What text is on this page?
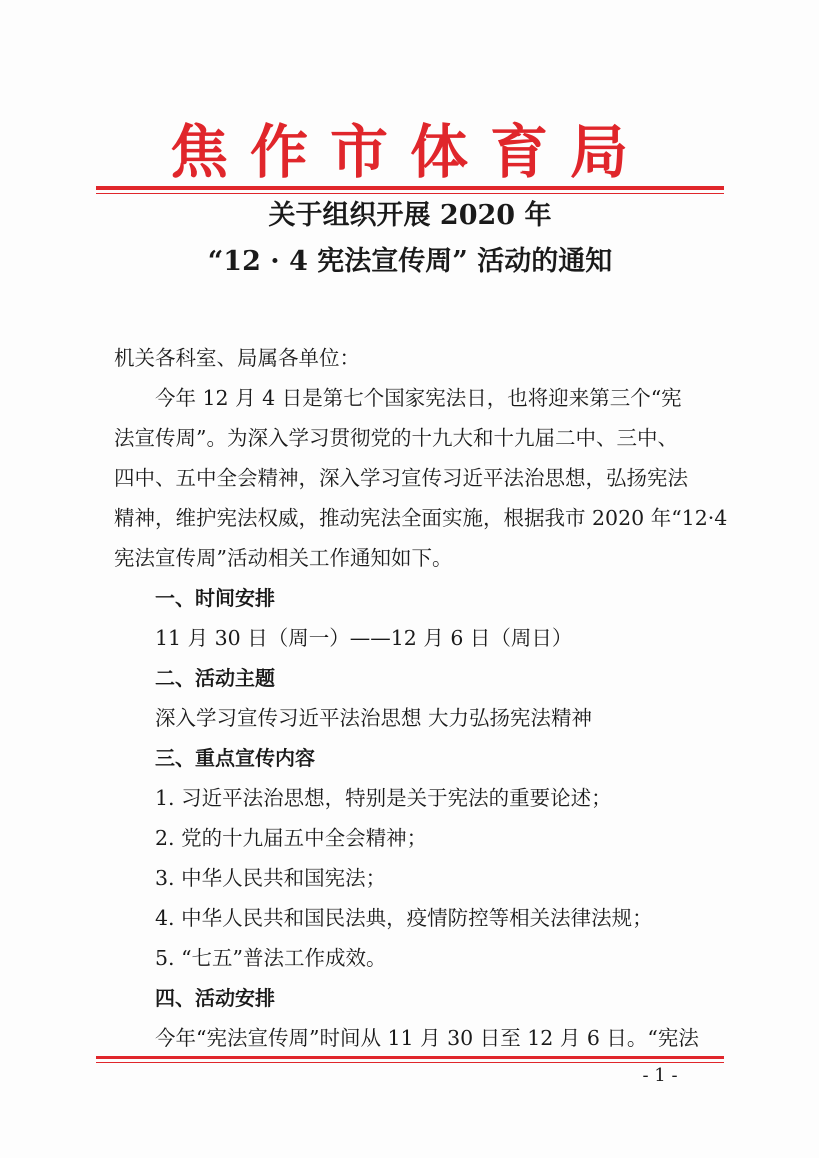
焦作市体育局
关于组织开展 2020 年
“12 · 4 宪法宣传周” 活动的通知

机关各科室、局属各单位：

今年 12 月 4 日是第七个国家宪法日，也将迎来第三个“宪

法宣传周”。为深入学习贯彻党的十九大和十九届二中、三中、

四中、五中全会精神，深入学习宣传习近平法治思想，弘扬宪法

精神，维护宪法权威，推动宪法全面实施，根据我市 2020 年“12·4

宪法宣传周”活动相关工作通知如下。

一、时间安排

11 月 30 日（周一）——12 月 6 日（周日）

二、活动主题

深入学习宣传习近平法治思想 大力弘扬宪法精神

三、重点宣传内容

1. 习近平法治思想，特别是关于宪法的重要论述；

2. 党的十九届五中全会精神；

3. 中华人民共和国宪法；

4. 中华人民共和国民法典，疫情防控等相关法律法规；

5. “七五”普法工作成效。

四、活动安排

今年“宪法宣传周”时间从 11 月 30 日至 12 月 6 日。“宪法

- 1 -
